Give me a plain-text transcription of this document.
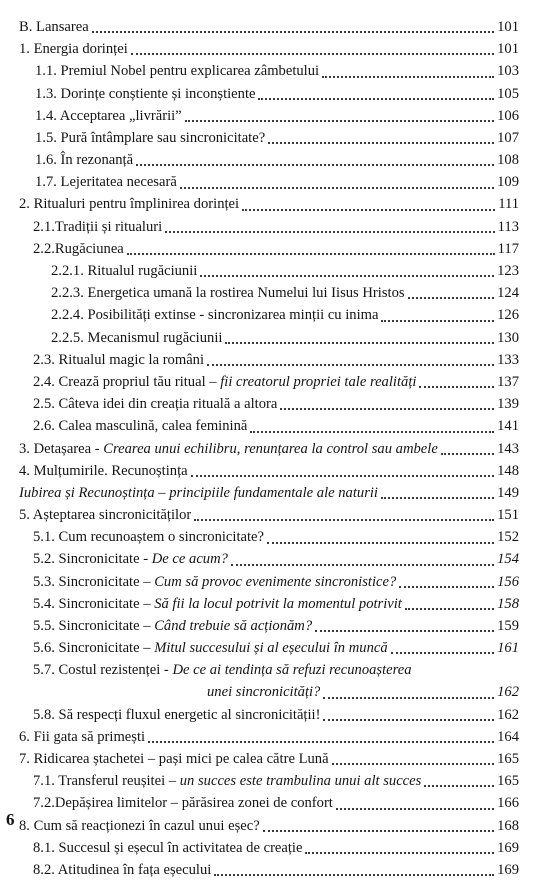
B. Lansarea	101
1. Energia dorinței	101
1.1. Premiul Nobel pentru explicarea zâmbetului	103
1.3. Dorințe conștiente și inconștiente	105
1.4. Acceptarea „livrării”	106
1.5. Pură întâmplare sau sincronicitate?	107
1.6. În rezonanță	108
1.7. Lejeritatea necesară	109
2. Ritualuri pentru împlinirea dorinței	111
2.1.Tradiții și ritualuri	113
2.2.Rugăciunea	117
2.2.1. Ritualul rugăciunii	123
2.2.3. Energetica umană la rostirea Numelui lui Iisus Hristos	124
2.2.4. Posibilități extinse - sincronizarea minții cu inima	126
2.2.5. Mecanismul rugăciunii	130
2.3. Ritualul magic la români	133
2.4. Crează propriul tău ritual – fii creatorul propriei tale realități	137
2.5. Câteva idei din creația rituală a altora	139
2.6. Calea masculină, calea feminină	141
3. Detașarea - Crearea unui echilibru, renunțarea la control sau ambele	143
4. Mulțumirile. Recunoștința	148
Iubirea și Recunoștința – principiile fundamentale ale naturii	149
5. Așteptarea sincronicităților	151
5.1. Cum recunoaștem o sincronicitate?	152
5.2. Sincronicitate - De ce acum?	154
5.3. Sincronicitate – Cum să provoc evenimente sincronistice?	156
5.4. Sincronicitate – Să fii la locul potrivit la momentul potrivit	158
5.5. Sincronicitate – Când trebuie să acționăm?	159
5.6. Sincronicitate – Mitul succesului și al eșecului în muncă	161
5.7. Costul rezistenței - De ce ai tendința să refuzi recunoașterea
unei sincronicități?	162
5.8. Să respecți fluxul energetic al sincronicității!	162
6. Fii gata să primești	164
7. Ridicarea ștachetei – pași mici pe calea către Lună	165
7.1. Transferul reușitei – un succes este trambulina unui alt succes	165
7.2.Depășirea limitelor – părăsirea zonei de confort	166
8. Cum să reacționezi în cazul unui eșec?	168
8.1. Succesul și eșecul în activitatea de creație	169
8.2. Atitudinea în fața eșecului	169
6
